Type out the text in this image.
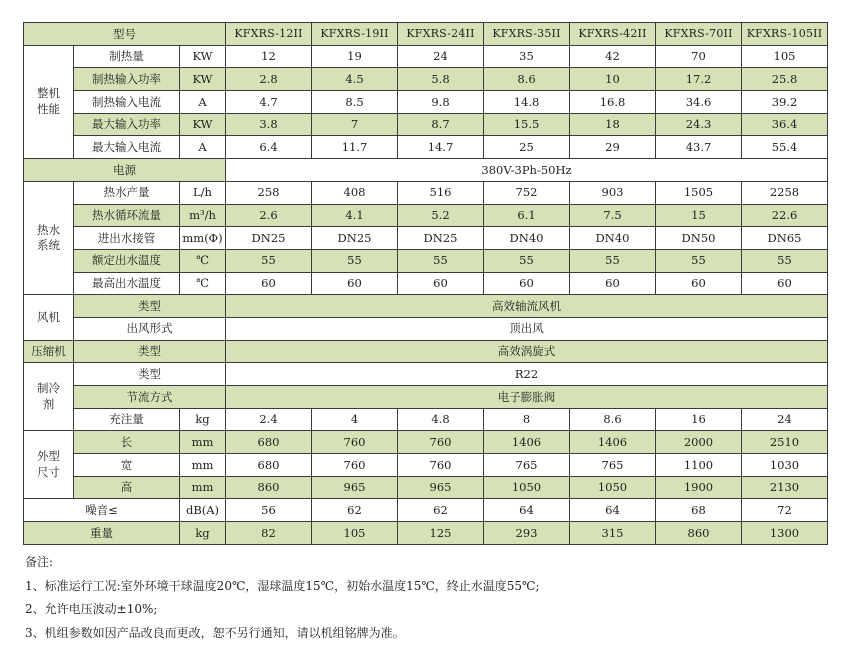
型号			KFXRS-12II	KFXRS-19II	KFXRS-24II	KFXRS-35II	KFXRS-42II	KFXRS-70II	KFXRS-105II
整机性能	制热量	KW	12	19	24	35	42	70	105
	制热输入功率	KW	2.8	4.5	5.8	8.6	10	17.2	25.8
	制热输入电流	A	4.7	8.5	9.8	14.8	16.8	34.6	39.2
	最大输入功率	KW	3.8	7	8.7	15.5	18	24.3	36.4
	最大输入电流	A	6.4	11.7	14.7	25	29	43.7	55.4
电源			380V-3Ph-50Hz						
热水系统	热水产量	L/h	258	408	516	752	903	1505	2258
	热水循环流量	m³/h	2.6	4.1	5.2	6.1	7.5	15	22.6
	进出水接管	mm(Φ)	DN25	DN25	DN25	DN40	DN40	DN50	DN65
	额定出水温度	℃	55	55	55	55	55	55	55
	最高出水温度	℃	60	60	60	60	60	60	60
风机	类型		高效轴流风机						
	出风形式		顶出风						
压缩机	类型		高效涡旋式						
制冷剂	类型		R22						
	节流方式		电子膨胀阀						
	充注量	kg	2.4	4	4.8	8	8.6	16	24
外型尺寸	长	mm	680	760	760	1406	1406	2000	2510
	宽	mm	680	760	760	765	765	1100	1030
	高	mm	860	965	965	1050	1050	1900	2130
噪音≤		dB(A)	56	62	62	64	64	68	72
重量		kg	82	105	125	293	315	860	1300
备注:
1、标准运行工况:室外环境干球温度20℃，湿球温度15℃，初始水温度15℃，终止水温度55℃;
2、允许电压波动±10%;
3、机组参数如因产品改良而更改，恕不另行通知，请以机组铭牌为准。
